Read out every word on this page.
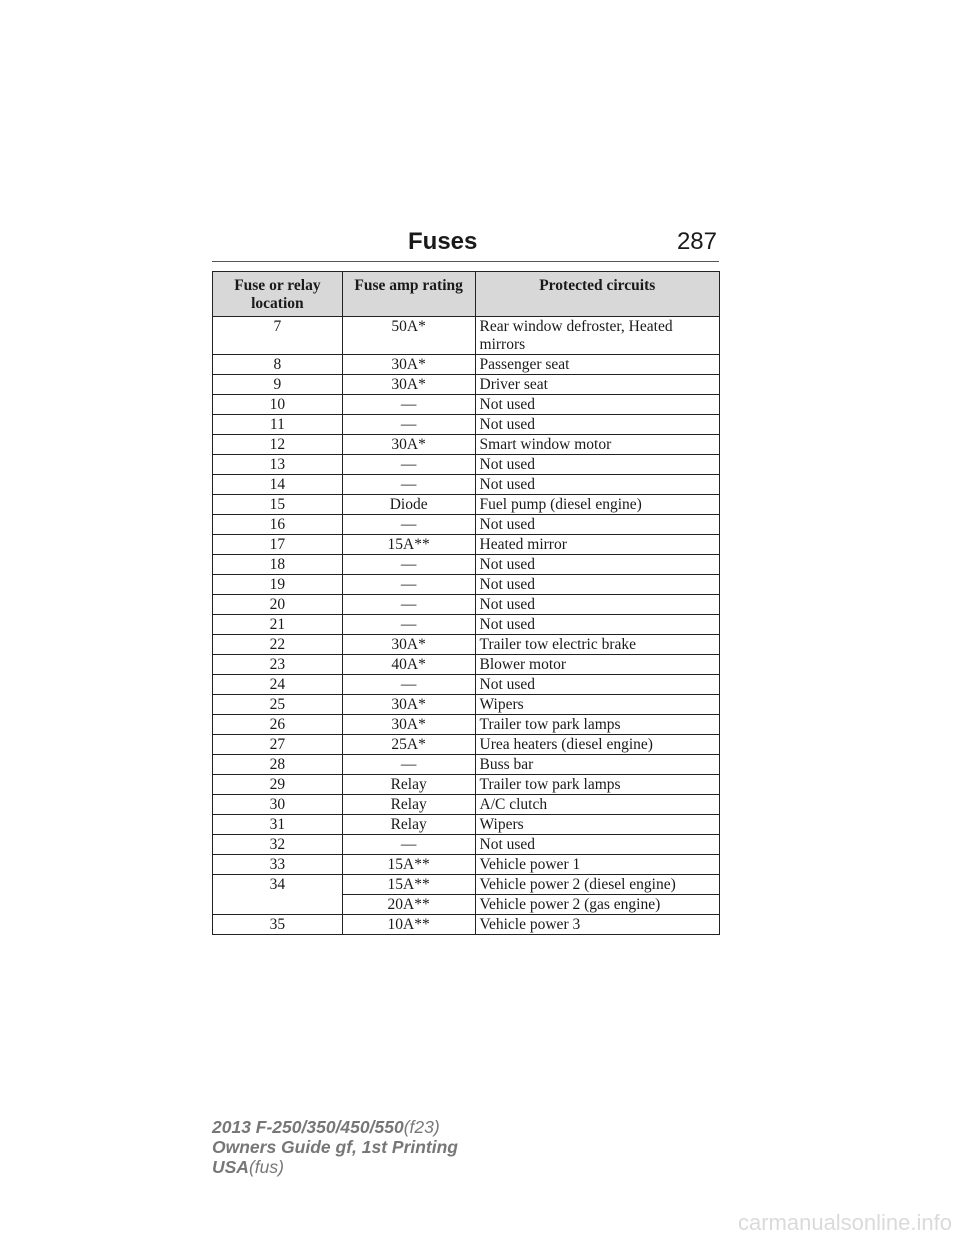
Fuses	287
Fuse or relay location	Fuse amp rating	Protected circuits
7	50A*	Rear window defroster, Heated mirrors
8	30A*	Passenger seat
9	30A*	Driver seat
10	—	Not used
11	—	Not used
12	30A*	Smart window motor
13	—	Not used
14	—	Not used
15	Diode	Fuel pump (diesel engine)
16	—	Not used
17	15A**	Heated mirror
18	—	Not used
19	—	Not used
20	—	Not used
21	—	Not used
22	30A*	Trailer tow electric brake
23	40A*	Blower motor
24	—	Not used
25	30A*	Wipers
26	30A*	Trailer tow park lamps
27	25A*	Urea heaters (diesel engine)
28	—	Buss bar
29	Relay	Trailer tow park lamps
30	Relay	A/C clutch
31	Relay	Wipers
32	—	Not used
33	15A**	Vehicle power 1
34	15A**	Vehicle power 2 (diesel engine)
	20A**	Vehicle power 2 (gas engine)
35	10A**	Vehicle power 3
2013 F-250/350/450/550(f23)
Owners Guide gf, 1st Printing
USA(fus)
carmanualsonline.info
